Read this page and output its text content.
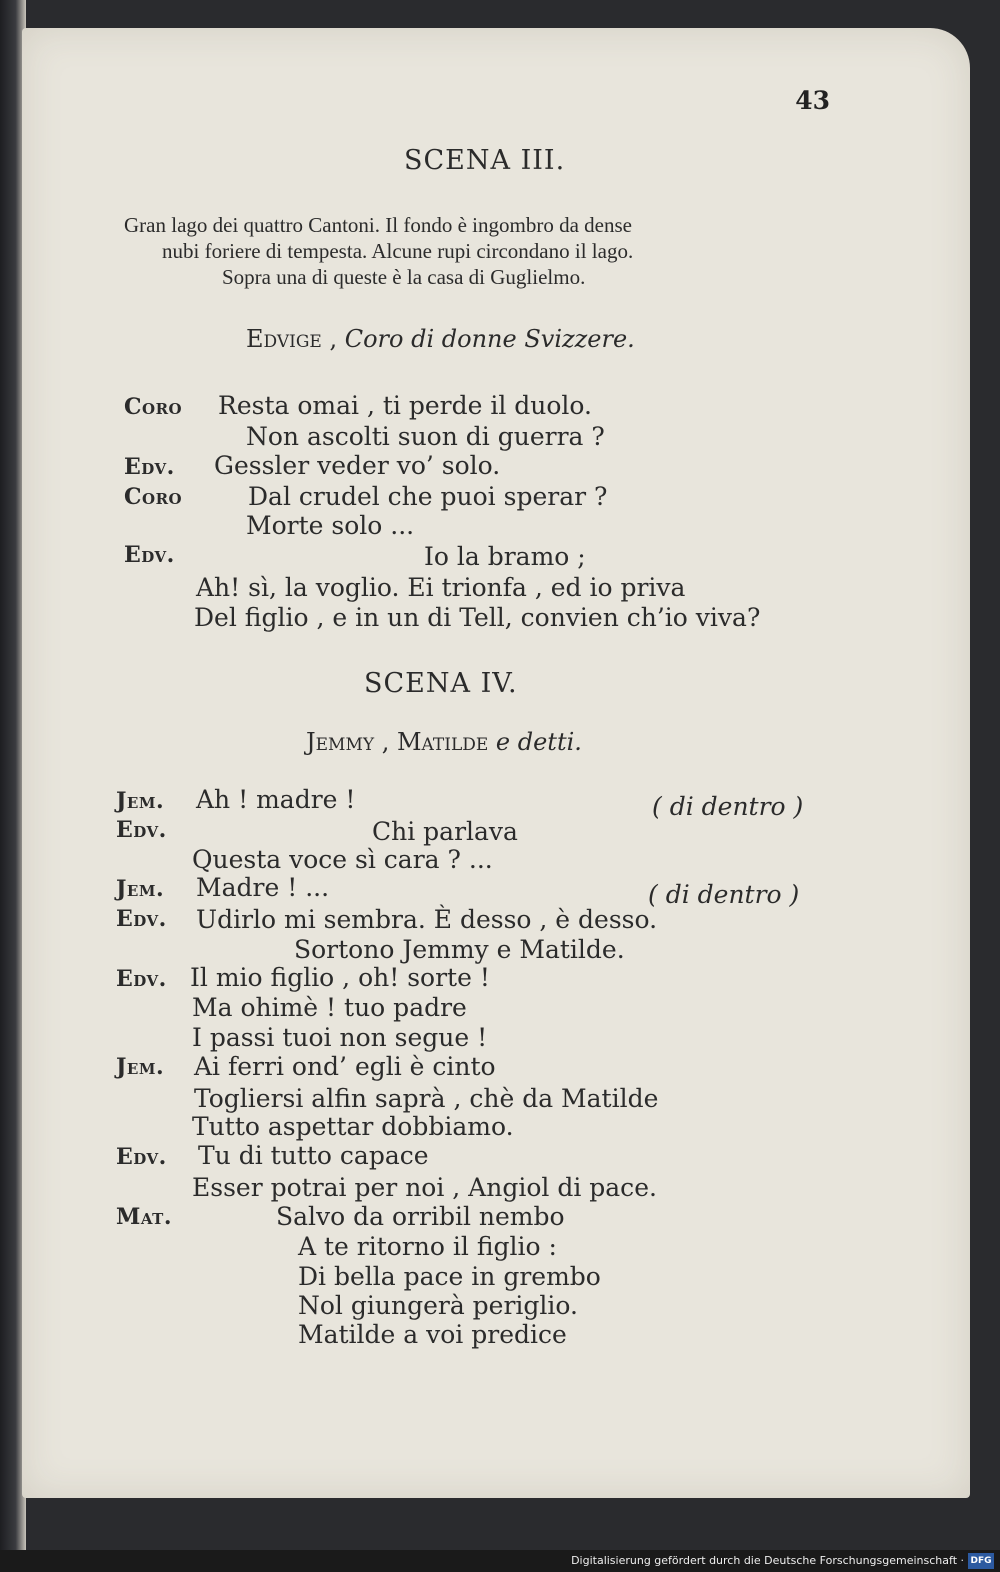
43
SCENA III.
Gran lago dei quattro Cantoni. Il fondo è ingombro da dense
nubi foriere di tempesta. Alcune rupi circondano il lago.
Sopra una di queste è la casa di Guglielmo.
Edvige , Coro di donne Svizzere.
Coro Resta omai , ti perde il duolo.
Non ascolti suon di guerra ?
Edv. Gessler veder vo’ solo.
Coro	Dal crudel che puoi sperar ?
Morte solo ...
Edv.	Io la bramo ;
Ah! sì, la voglio. Ei trionfa , ed io priva
Del figlio , e in un di Tell, convien ch’io viva?
SCENA IV.
Jemmy , Matilde e detti.
Jem. Ah ! madre !	( di dentro )
Edv.	Chi parlava
Questa voce sì cara ? ...
Jem. Madre ! ...	( di dentro )
Edv. Udirlo mi sembra. È desso , è desso.
Sortono Jemmy e Matilde.
Edv. Il mio figlio , oh! sorte !
Ma ohimè ! tuo padre
I passi tuoi non segue !
Jem. Ai ferri ond’ egli è cinto
Togliersi alfin saprà , chè da Matilde
Tutto aspettar dobbiamo.
Edv. Tu di tutto capace
Esser potrai per noi , Angiol di pace.
Mat.	Salvo da orribil nembo
A te ritorno il figlio :
Di bella pace in grembo
Nol giungerà periglio.
Matilde a voi predice
Digitalisierung gefördert durch die Deutsche Forschungsgemeinschaft · DFG
